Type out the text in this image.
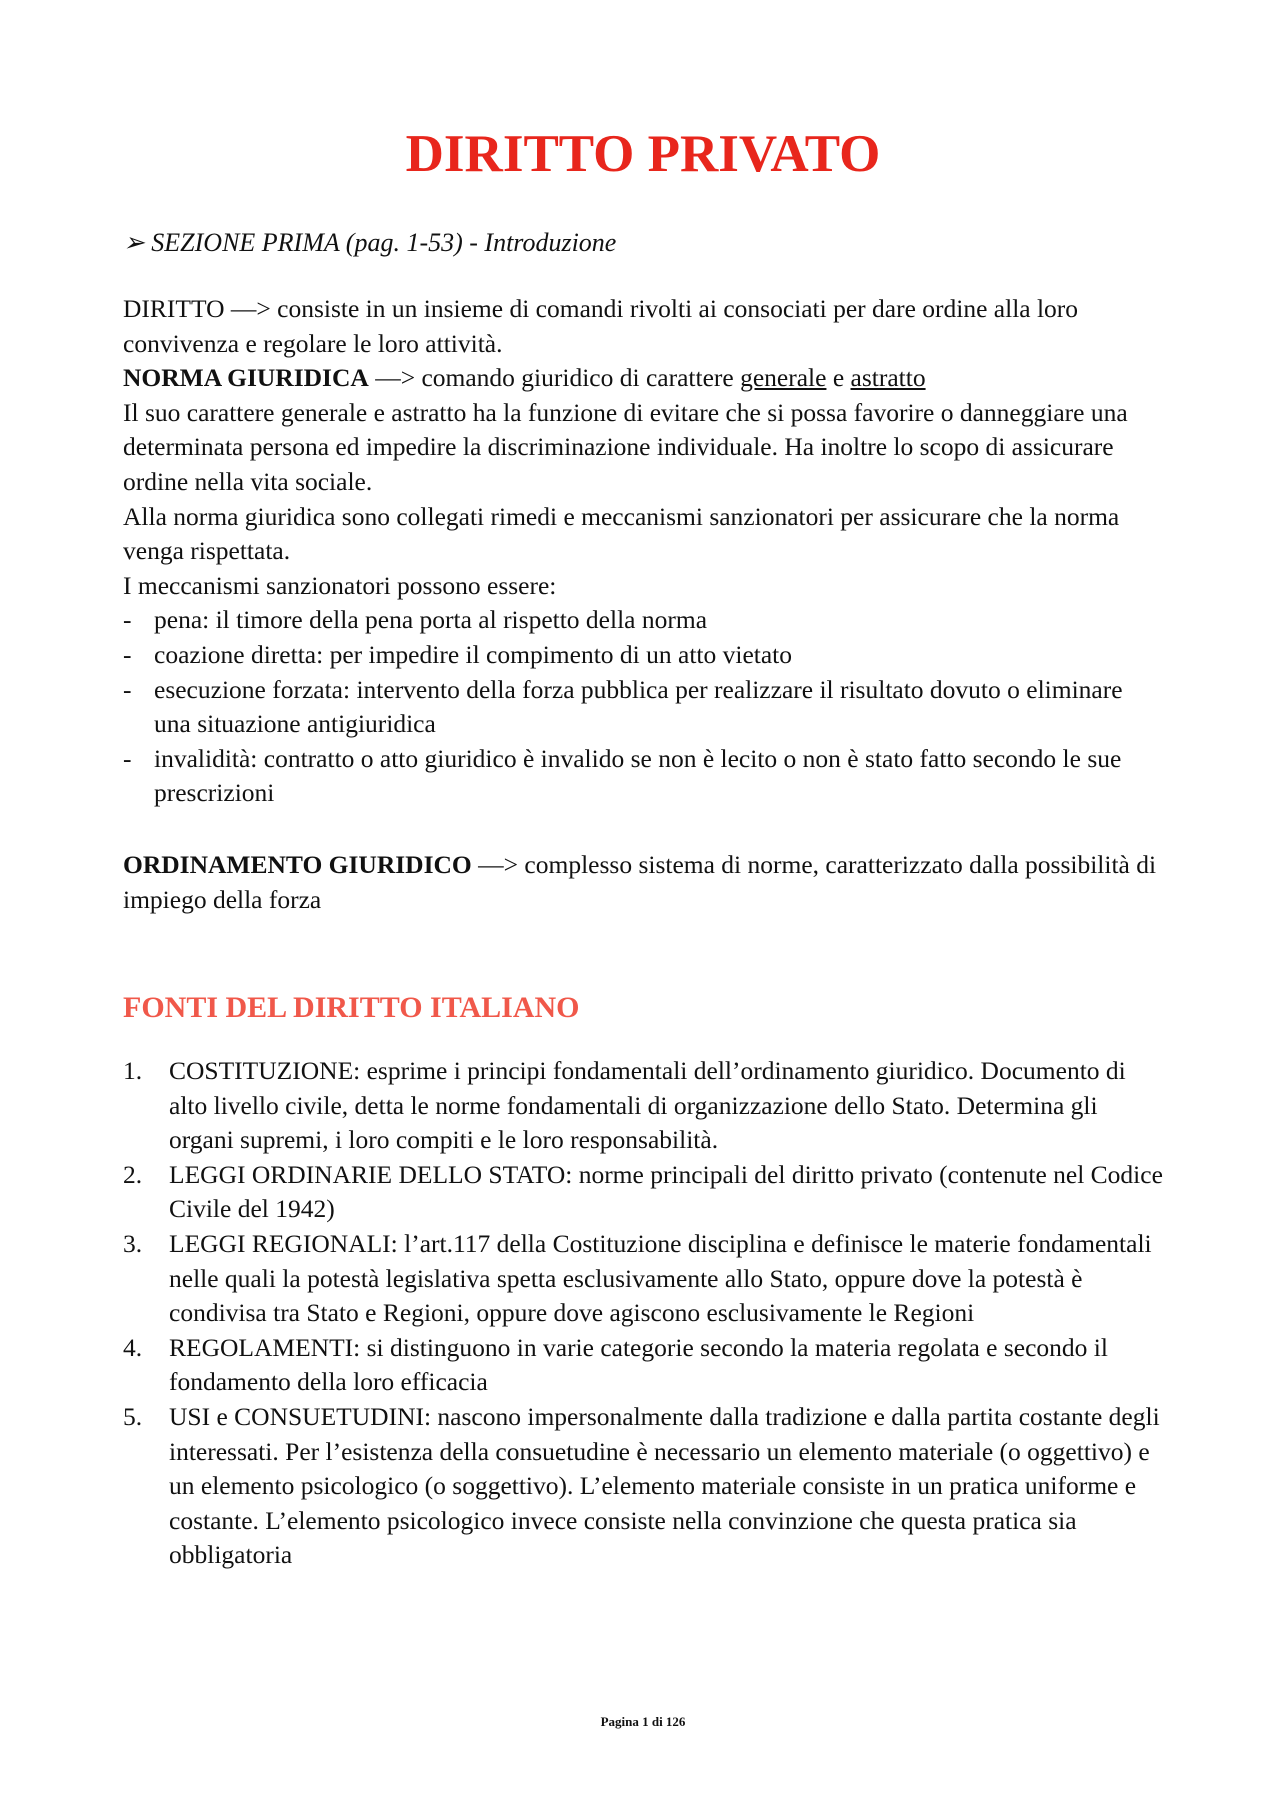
DIRITTO PRIVATO
➢ SEZIONE PRIMA (pag. 1-53) - Introduzione

DIRITTO —> consiste in un insieme di comandi rivolti ai consociati per dare ordine alla loro convivenza e regolare le loro attività.

NORMA GIURIDICA —> comando giuridico di carattere generale e astratto

Il suo carattere generale e astratto ha la funzione di evitare che si possa favorire o danneggiare una determinata persona ed impedire la discriminazione individuale. Ha inoltre lo scopo di assicurare ordine nella vita sociale.

Alla norma giuridica sono collegati rimedi e meccanismi sanzionatori per assicurare che la norma venga rispettata.

I meccanismi sanzionatori possono essere:

- pena: il timore della pena porta al rispetto della norma
- coazione diretta: per impedire il compimento di un atto vietato
- esecuzione forzata: intervento della forza pubblica per realizzare il risultato dovuto o eliminare una situazione antigiuridica
- invalidità: contratto o atto giuridico è invalido se non è lecito o non è stato fatto secondo le sue prescrizioni

ORDINAMENTO GIURIDICO —> complesso sistema di norme, caratterizzato dalla possibilità di impiego della forza

FONTI DEL DIRITTO ITALIANO
1. COSTITUZIONE: esprime i principi fondamentali dell’ordinamento giuridico. Documento di alto livello civile, detta le norme fondamentali di organizzazione dello Stato. Determina gli organi supremi, i loro compiti e le loro responsabilità.
2. LEGGI ORDINARIE DELLO STATO: norme principali del diritto privato (contenute nel Codice Civile del 1942)
3. LEGGI REGIONALI: l’art.117 della Costituzione disciplina e definisce le materie fondamentali nelle quali la potestà legislativa spetta esclusivamente allo Stato, oppure dove la potestà è condivisa tra Stato e Regioni, oppure dove agiscono esclusivamente le Regioni
4. REGOLAMENTI: si distinguono in varie categorie secondo la materia regolata e secondo il fondamento della loro efficacia
5. USI e CONSUETUDINI: nascono impersonalmente dalla tradizione e dalla partita costante degli interessati. Per l’esistenza della consuetudine è necessario un elemento materiale (o oggettivo) e un elemento psicologico (o soggettivo). L’elemento materiale consiste in un pratica uniforme e costante. L’elemento psicologico invece consiste nella convinzione che questa pratica sia obbligatoria
Pagina 1 di 126
